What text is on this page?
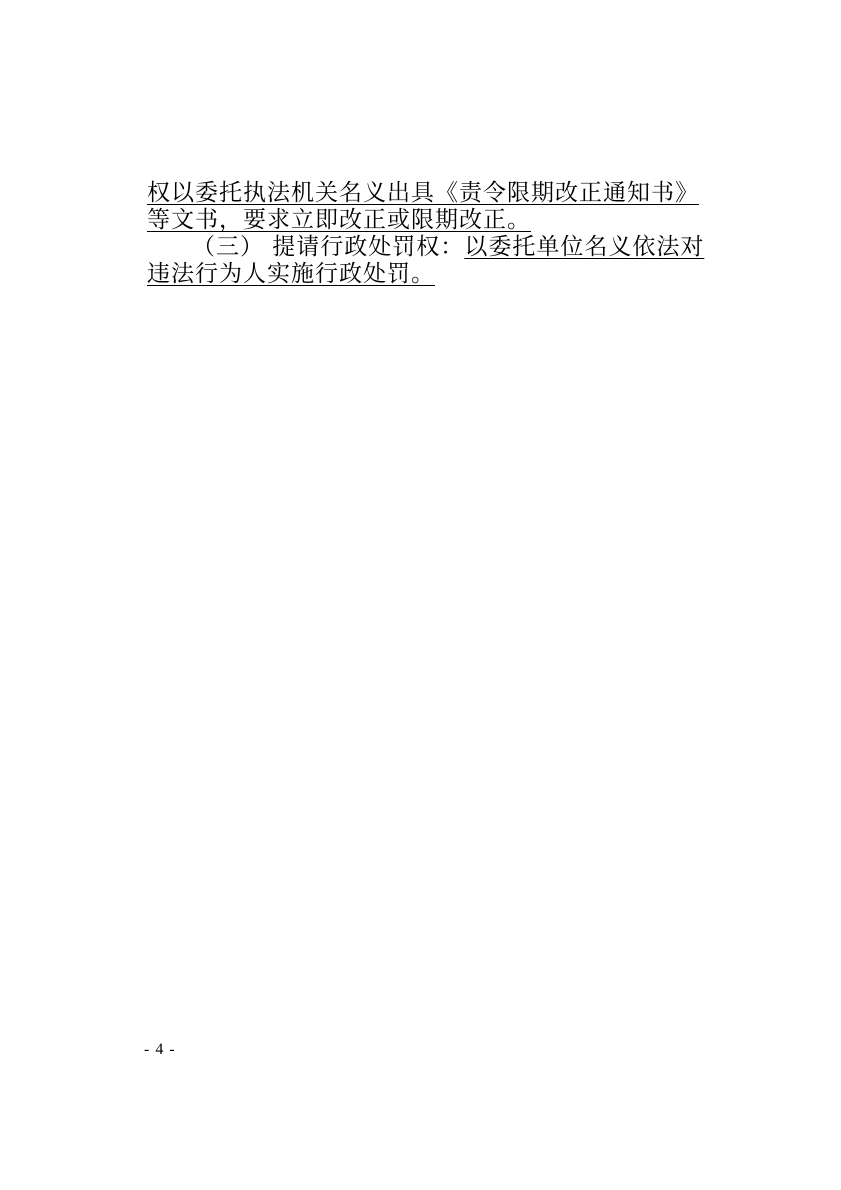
权以委托执法机关名义出具《责令限期改正通知书》
等文书，要求立即改正或限期改正。
（三） 提请行政处罚权：以委托单位名义依法对
违法行为人实施行政处罚。
- 4 -
